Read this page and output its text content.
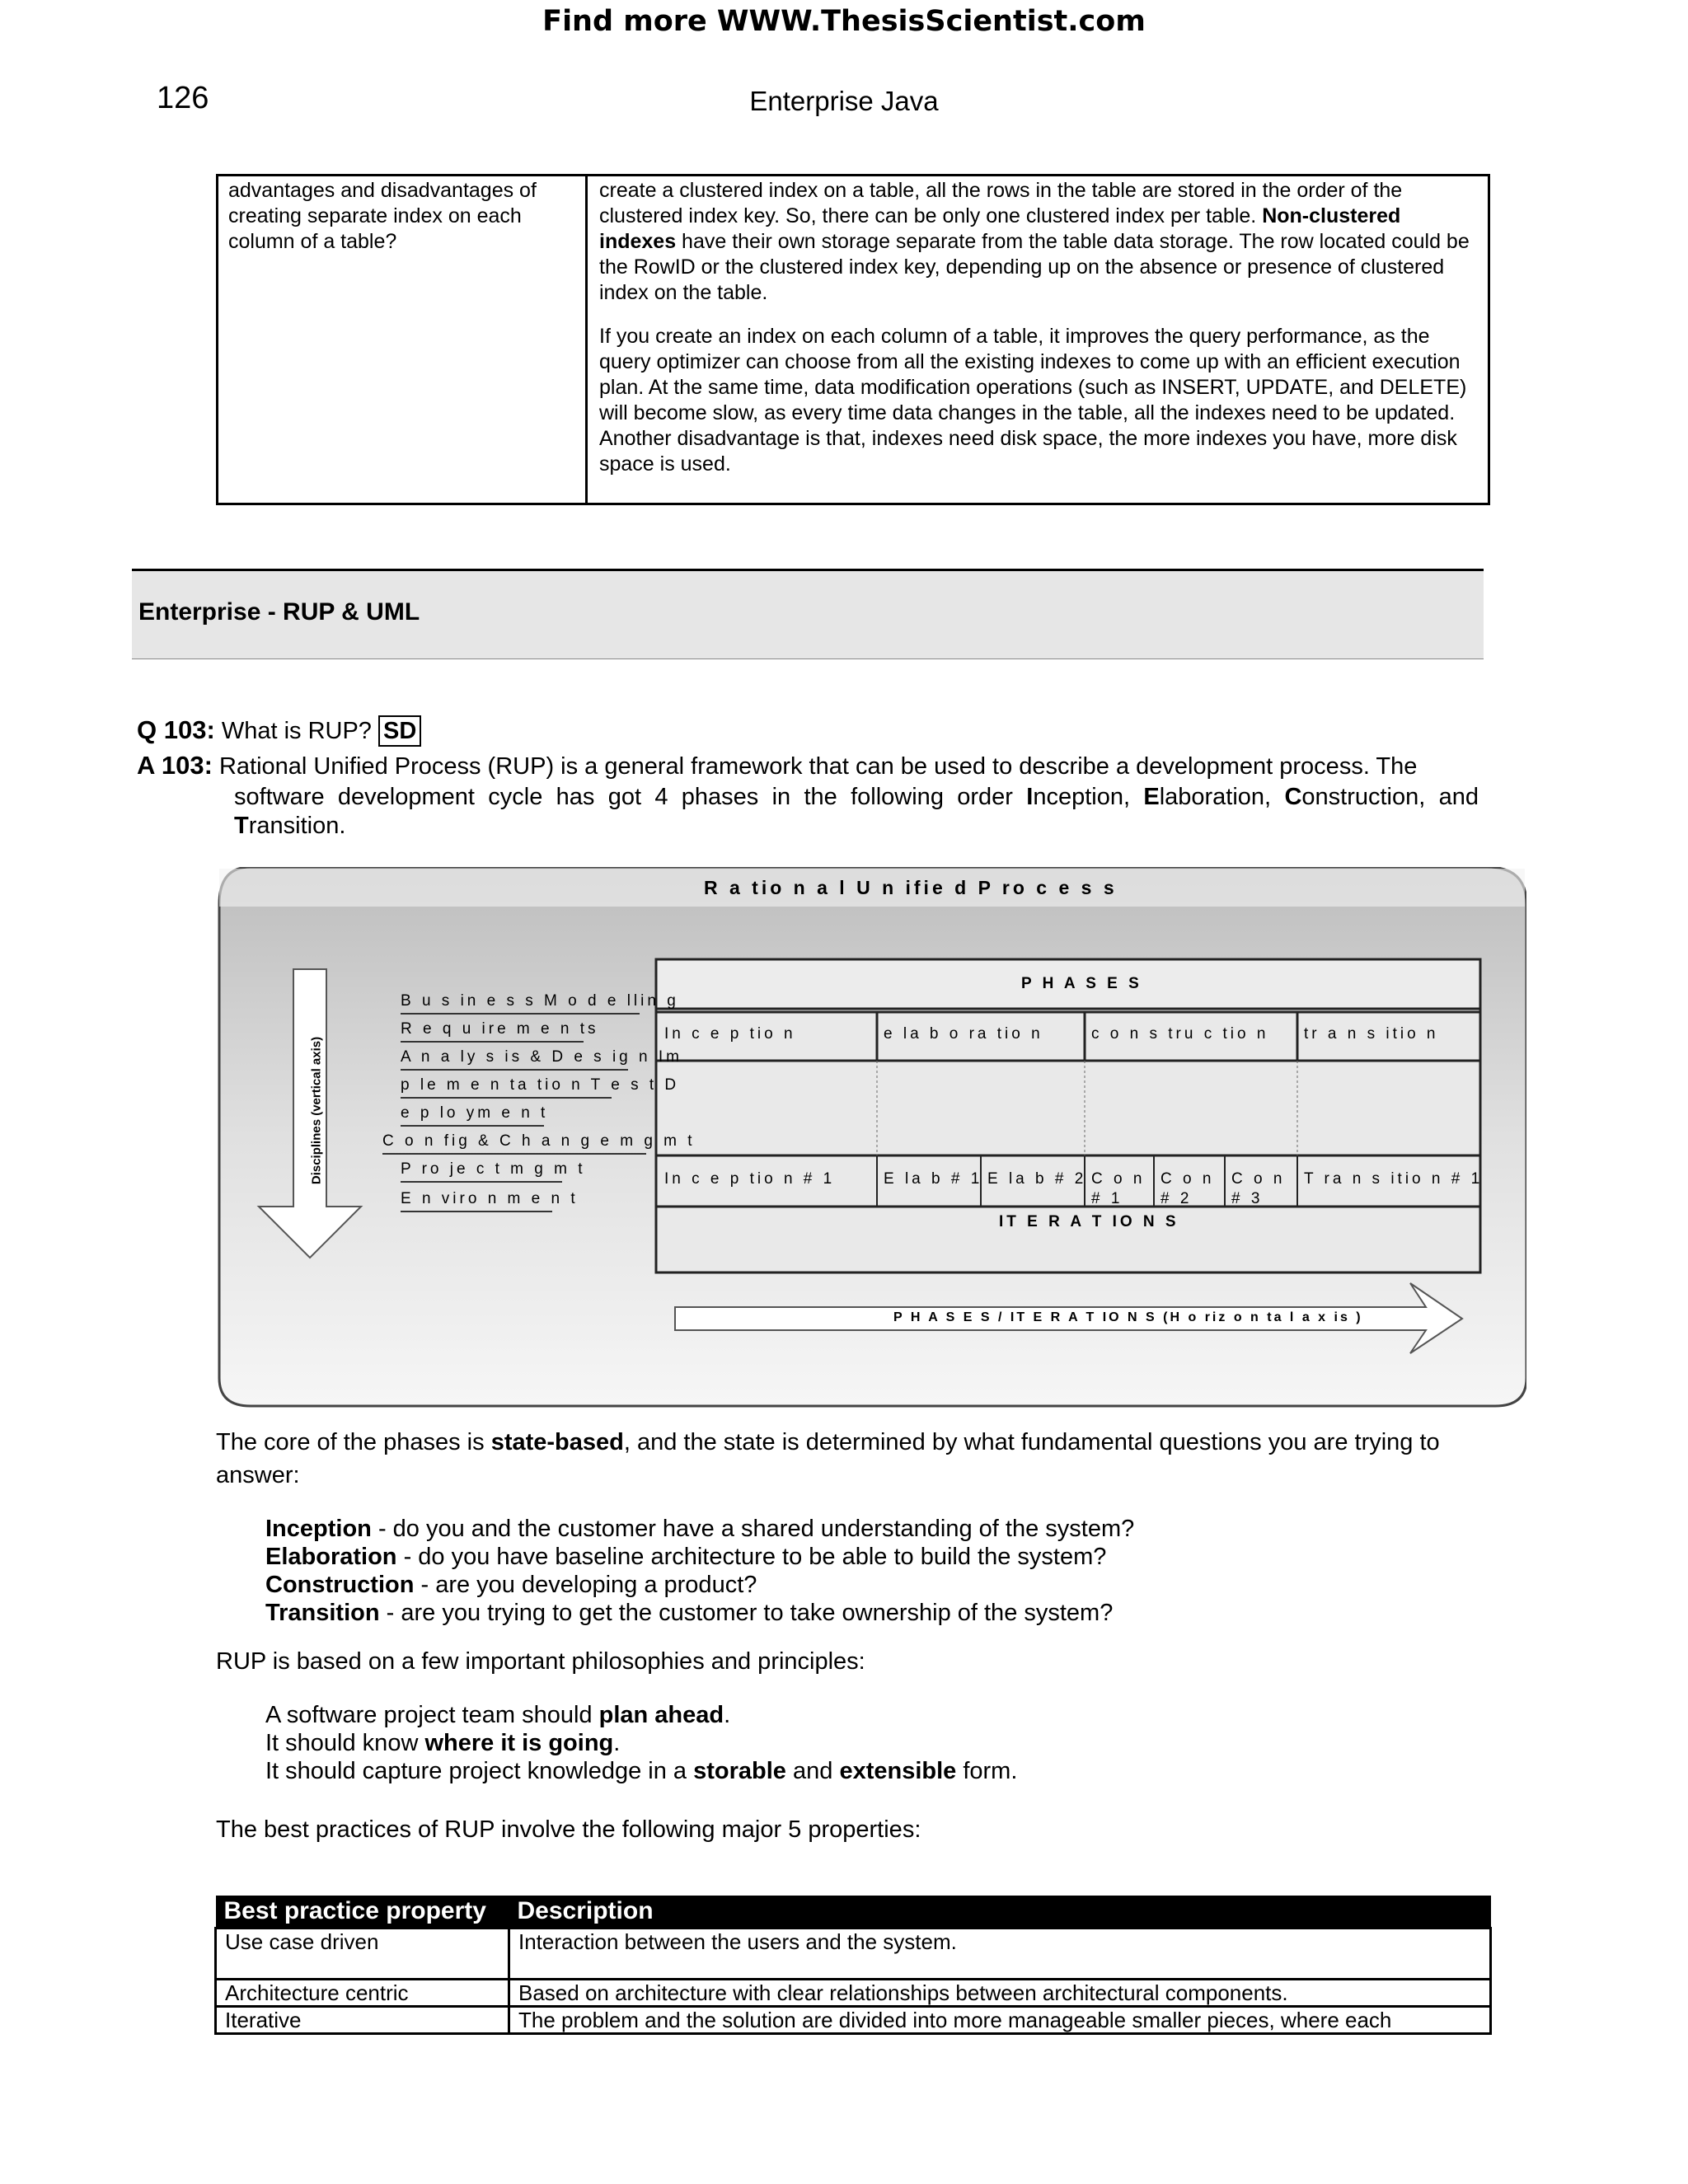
Find more WWW.ThesisScientist.com
126	Enterprise Java
advantages and disadvantages of creating separate index on each column of a table?

create a clustered index on a table, all the rows in the table are stored in the order of the clustered index key. So, there can be only one clustered index per table. Non-clustered indexes have their own storage separate from the table data storage. The row located could be the RowID or the clustered index key, depending up on the absence or presence of clustered index on the table.

If you create an index on each column of a table, it improves the query performance, as the query optimizer can choose from all the existing indexes to come up with an efficient execution plan. At the same time, data modification operations (such as INSERT, UPDATE, and DELETE) will become slow, as every time data changes in the table, all the indexes need to be updated. Another disadvantage is that, indexes need disk space, the more indexes you have, more disk space is used.

Enterprise - RUP & UML
Q 103: What is RUP? SD
A 103: Rational Unified Process (RUP) is a general framework that can be used to describe a development process. The
software development cycle has got 4 phases in the following order Inception, Elaboration, Construction, and
Transition.
R a tio n a l U n ifie d P ro c e s s
P H A S E S
In c e p tio n	e la b o ra tio n	c o n s tru c tio n tr a n s itio n
In c e p tio n # 1	E la b # 1 E la b # 2 C o n
# 1
C o n
# 2
C o n
# 3
T ra n s itio n # 1
IT E R A T IO N S
P H A S E S / IT E R A T IO N S (H o riz o n ta l a x is )
Disciplines (vertical axis)
B u s in e s s M o d e llin g
R e q u ire m e n ts
A n a ly s is & D e s ig n Im
p le m e n ta tio n T e s t D
e p lo ym e n t
C o n fig & C h a n g e m g m t
P ro je c t m g m t
E n viro n m e n t
The core of the phases is state-based, and the state is determined by what fundamental questions you are trying to answer:
Inception - do you and the customer have a shared understanding of the system?
Elaboration - do you have baseline architecture to be able to build the system?
Construction - are you developing a product?
Transition - are you trying to get the customer to take ownership of the system?
RUP is based on a few important philosophies and principles:
A software project team should plan ahead.
It should know where it is going.
It should capture project knowledge in a storable and extensible form.
The best practices of RUP involve the following major 5 properties:
Best practice property	Description
Use case driven	Interaction between the users and the system.
Architecture centric	Based on architecture with clear relationships between architectural components.
Iterative	The problem and the solution are divided into more manageable smaller pieces, where each
